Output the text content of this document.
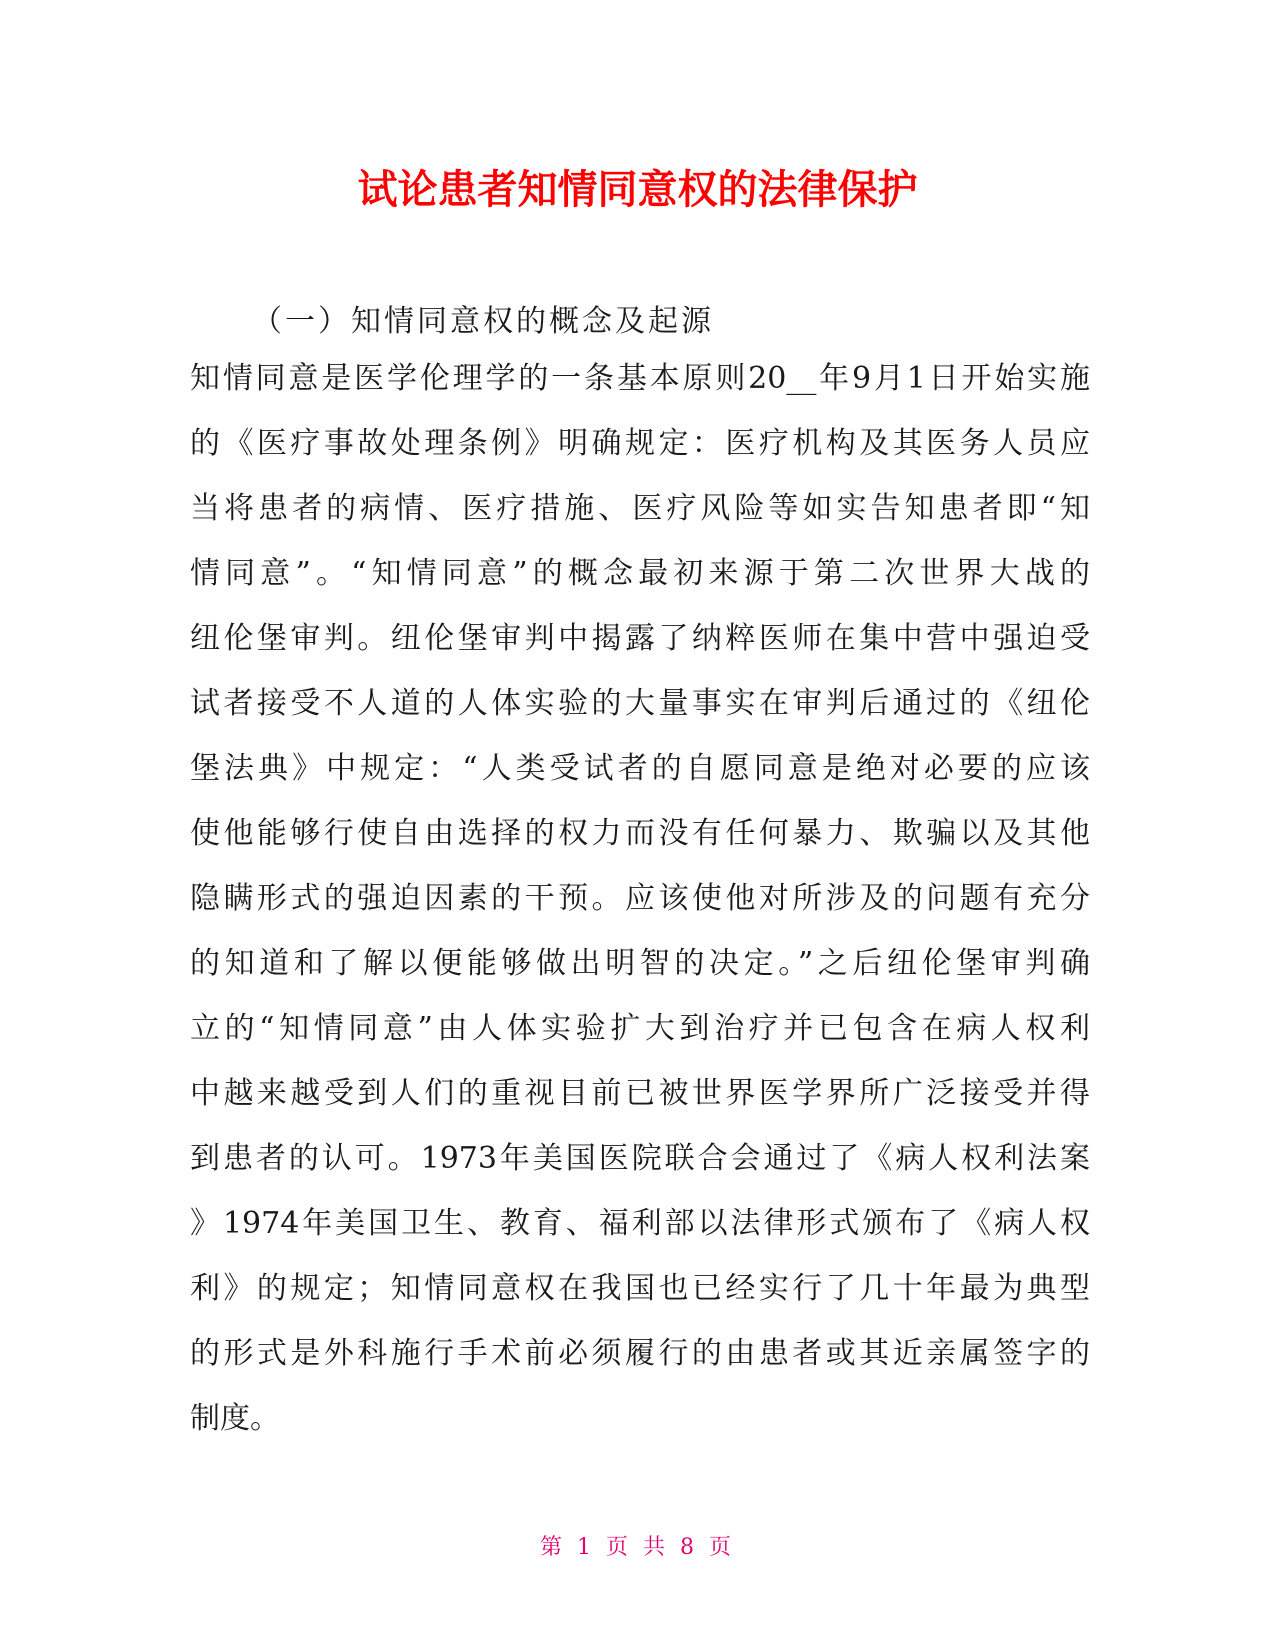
试论患者知情同意权的法律保护

（一）知情同意权的概念及起源

知情同意是医学伦理学的一条基本原则20__年9月1日开始实施
的《医疗事故处理条例》明确规定：医疗机构及其医务人员应
当将患者的病情、医疗措施、医疗风险等如实告知患者即“知
情同意”。“知情同意”的概念最初来源于第二次世界大战的
纽伦堡审判。纽伦堡审判中揭露了纳粹医师在集中营中强迫受
试者接受不人道的人体实验的大量事实在审判后通过的《纽伦
堡法典》中规定：“人类受试者的自愿同意是绝对必要的应该
使他能够行使自由选择的权力而没有任何暴力、欺骗以及其他
隐瞒形式的强迫因素的干预。应该使他对所涉及的问题有充分
的知道和了解以便能够做出明智的决定。”之后纽伦堡审判确
立的“知情同意”由人体实验扩大到治疗并已包含在病人权利
中越来越受到人们的重视目前已被世界医学界所广泛接受并得
到患者的认可。1973年美国医院联合会通过了《病人权利法案
》1974年美国卫生、教育、福利部以法律形式颁布了《病人权
利》的规定；知情同意权在我国也已经实行了几十年最为典型
的形式是外科施行手术前必须履行的由患者或其近亲属签字的
制度。

第 1 页 共 8 页
